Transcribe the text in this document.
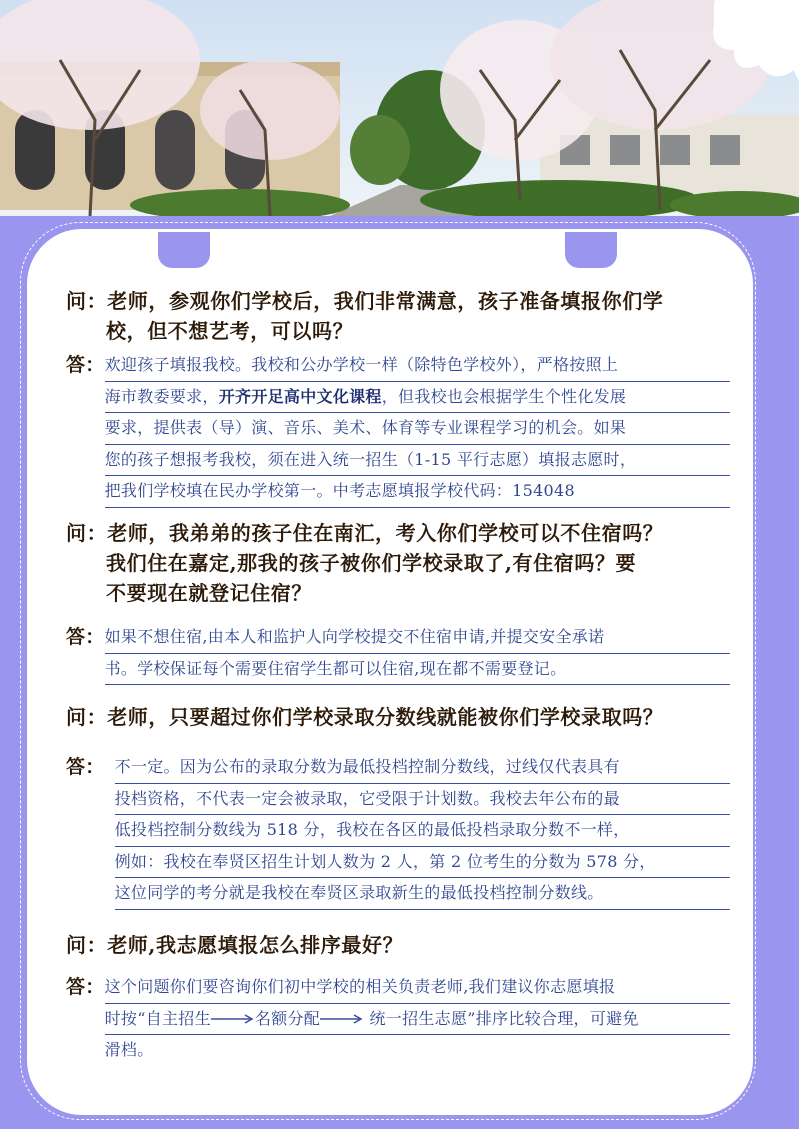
问：老师，参观你们学校后，我们非常满意，孩子准备填报你们学
校，但不想艺考，可以吗？
答： 欢迎孩子填报我校。我校和公办学校一样（除特色学校外），严格按照上
海市教委要求，开齐开足高中文化课程，但我校也会根据学生个性化发展
要求，提供表（导）演、音乐、美术、体育等专业课程学习的机会。如果
您的孩子想报考我校，须在进入统一招生（1-15 平行志愿）填报志愿时，
把我们学校填在民办学校第一。中考志愿填报学校代码：154048
问：老师，我弟弟的孩子住在南汇，考入你们学校可以不住宿吗？
我们住在嘉定,那我的孩子被你们学校录取了,有住宿吗？要
不要现在就登记住宿？
答： 如果不想住宿,由本人和监护人向学校提交不住宿申请,并提交安全承诺
书。学校保证每个需要住宿学生都可以住宿,现在都不需要登记。
问：老师，只要超过你们学校录取分数线就能被你们学校录取吗？
答： 不一定。因为公布的录取分数为最低投档控制分数线，过线仅代表具有
投档资格，不代表一定会被录取，它受限于计划数。我校去年公布的最
低投档控制分数线为 518 分，我校在各区的最低投档录取分数不一样，
例如：我校在奉贤区招生计划人数为 2 人，第 2 位考生的分数为 578 分，
这位同学的考分就是我校在奉贤区录取新生的最低投档控制分数线。
问：老师,我志愿填报怎么排序最好？
答： 这个问题你们要咨询你们初中学校的相关负责老师,我们建议你志愿填报
时按“自主招生	名额分配	统一招生志愿”排序比较合理，可避免
滑档。
